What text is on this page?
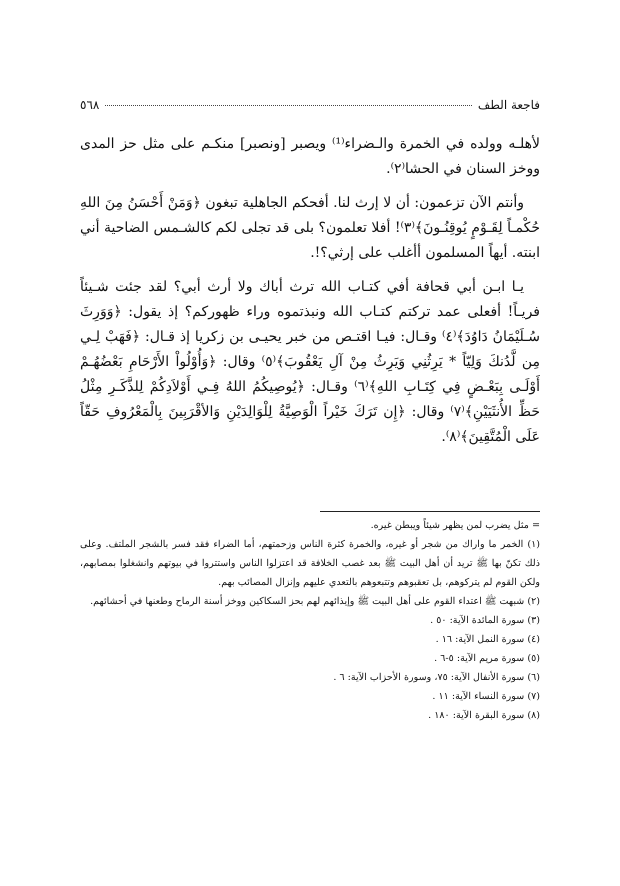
٥٦٨	فاجعة الطف

لأهلـه وولده في الخمرة والـضراء⁽¹⁾ ويصبر [ونصبر] منكـم على مثل حز المدى ووخز السنان في الحشا⁽٢⁾.

وأنتم الآن تزعمون: أن لا إرث لنا. أفحكم الجاهلية تبغون ﴿وَمَنْ أَحْسَنُ مِنَ اللهِ حُكْمـاً لِقَـوْمٍ يُوقِنُـونَ﴾⁽٣⁾! أفلا تعلمون؟ بلى قد تجلى لكم كالشـمس الضاحية أني ابنته. أيهاً المسلمون أأغلب على إرثي؟!.

يـا ابـن أبي قحافة أفي كتـاب الله ترث أباك ولا أرث أبي؟ لقد جئت شـيئاً فريـاً! أفعلى عمد تركتم كتـاب الله ونبذتموه وراء ظهوركم؟ إذ يقول: ﴿وَوَرِثَ سُـلَيْمَانُ دَاوُدَ﴾⁽٤⁾ وقـال: فيـا اقتـص من خبر يحيـى بن زكريا إذ قـال: ﴿فَهَبْ لِـي مِن لَّدُنكَ وَلِيّاً * يَرِثُنِي وَيَرِثُ مِنْ آلِ يَعْقُوبَ﴾⁽٥⁾ وقال: ﴿وَأُوْلُواْ الأَرْحَامِ بَعْضُهُـمْ أَوْلَـى بِبَعْـضٍ فِي كِتَـابِ اللهِ﴾⁽٦⁾ وقـال: ﴿يُوصِيكُمُ اللهُ فِـي أَوْلاَدِكُمْ لِلذَّكَـرِ مِثْلُ حَظِّ الأُنثَيَيْنِ﴾⁽٧⁾ وقال: ﴿إِن تَرَكَ خَيْراً الْوَصِيَّةُ لِلْوَالِدَيْنِ وَالأقْرَبِينَ بِالْمَعْرُوفِ حَقّاً عَلَى الْمُتَّقِينَ﴾⁽٨⁾.

= مثل يضرب لمن يظهر شيئاً ويبطن غيره.
(١) الخمر ما واراك من شجر أو غيره، والخمرة كثرة الناس وزحمتهم، أما الضراء فقد فسر بالشجر الملتف. وعلى ذلك تكنّ بها ﷺ تريد أن أهل البيت ﷺ بعد غصب الخلافة قد اعتزلوا الناس واستتروا في بيوتهم وانشغلوا بمصابهم، ولكن القوم لم يتركوهم، بل تعقبوهم وتتبعوهم بالتعدي عليهم وإنزال المصائب بهم.
(٢) شبهت ﷺ اعتداء القوم على أهل البيت ﷺ وإيذائهم لهم بحز السكاكين ووخز أسنة الرماح وطعنها في أحشائهم.
(٣) سورة المائدة الآية: ٥٠ .
(٤) سورة النمل الآية: ١٦ .
(٥) سورة مريم الآية: ٥-٦ .
(٦) سورة الأنفال الآية: ٧٥، وسورة الأحزاب الآية: ٦ .
(٧) سورة النساء الآية: ١١ .
(٨) سورة البقرة الآية: ١٨٠ .
